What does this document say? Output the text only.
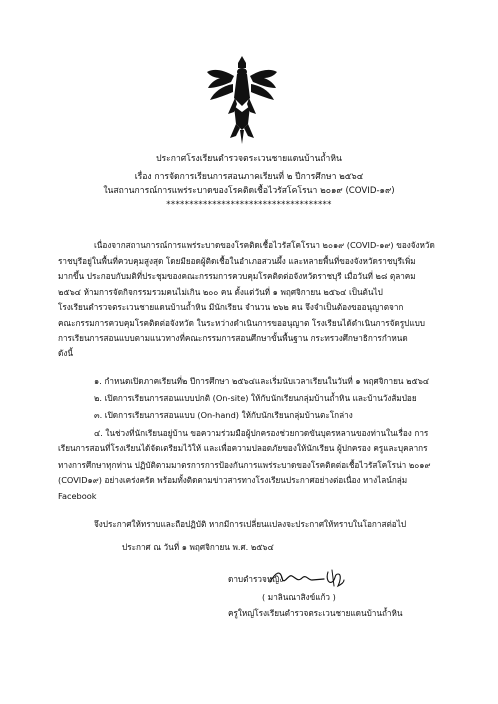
ประกาศโรงเรียนตำรวจตระเวนชายแดนบ้านถ้ำหิน
เรื่อง การจัดการเรียนการสอนภาคเรียนที่ ๒ ปีการศึกษา ๒๕๖๔
ในสถานการณ์การแพร่ระบาดของโรคติดเชื้อไวรัสโคโรนา ๒๐๑๙ (COVID-๑๙)
************************************
เนื่องจากสถานการณ์การแพร่ระบาดของโรคติดเชื้อไวรัสโคโรนา ๒๐๑๙ (COVID-๑๙) ของจังหวัด
ราชบุรีอยู่ในพื้นที่ควบคุมสูงสุด โดยมียอดผู้ติดเชื้อในอำเภอสวนผึ้ง และหลายพื้นที่ของจังหวัดราชบุรีเพิ่ม
มากขึ้น ประกอบกับมติที่ประชุมของคณะกรรมการควบคุมโรคติดต่อจังหวัดราชบุรี เมื่อวันที่ ๒๘ ตุลาคม
๒๕๖๔ ห้ามการจัดกิจกรรมรวมคนไม่เกิน ๒๐๐ คน ตั้งแต่วันที่ ๑ พฤศจิกายน ๒๕๖๔ เป็นต้นไป
โรงเรียนตำรวจตระเวนชายแดนบ้านถ้ำหิน มีนักเรียน จำนวน ๒๖๒ คน จึงจำเป็นต้องขออนุญาตจาก
คณะกรรมการควบคุมโรคติดต่อจังหวัด ในระหว่างดำเนินการขออนุญาต โรงเรียนได้ดำเนินการจัดรูปแบบ
การเรียนการสอนแบบตามแนวทางที่คณะกรรมการสอนศึกษาขั้นพื้นฐาน กระทรวงศึกษาธิการกำหนด
ดังนี้
๑. กำหนดเปิดภาคเรียนที่๒ ปีการศึกษา ๒๕๖๔และเริ่มนับเวลาเรียนในวันที่ ๑ พฤศจิกายน ๒๕๖๔
๒. เปิดการเรียนการสอนแบบปกติ (On-site) ให้กับนักเรียนกลุ่มบ้านถ้ำหิน และบ้านวังส้มป่อย
๓. เปิดการเรียนการสอนแบบ (On-hand) ให้กับนักเรียนกลุ่มบ้านตะโกล่าง
๔. ในช่วงที่นักเรียนอยู่บ้าน ขอความร่วมมือผู้ปกครองช่วยกวดขันบุตรหลานของท่านในเรื่อง การ
เรียนการสอนที่โรงเรียนได้จัดเตรียมไว้ให้ และเพื่อความปลอดภัยของให้นักเรียน ผู้ปกครอง ครูและบุคลากร
ทางการศึกษาทุกท่าน ปฏิบัติตามมาตรการการป้องกันการแพร่ระบาดของโรคติดต่อเชื้อไวรัสโคโรน่า ๒๐๑๙
(COVID๑๙) อย่างเคร่งครัด พร้อมทั้งติดตามข่าวสารทางโรงเรียนประกาศอย่างต่อเนื่อง ทางไลน์กลุ่ม
Facebook
จึงประกาศให้ทราบและถือปฏิบัติ หากมีการเปลี่ยนแปลงจะประกาศให้ทราบในโอกาสต่อไป
ประกาศ ณ วันที่ ๑ พฤศจิกายน พ.ศ. ๒๕๖๔
ดาบตำรวจหญิง
( มาลินณาสิงข์แก้ว )
ครูใหญ่โรงเรียนตำรวจตระเวนชายแดนบ้านถ้ำหิน
